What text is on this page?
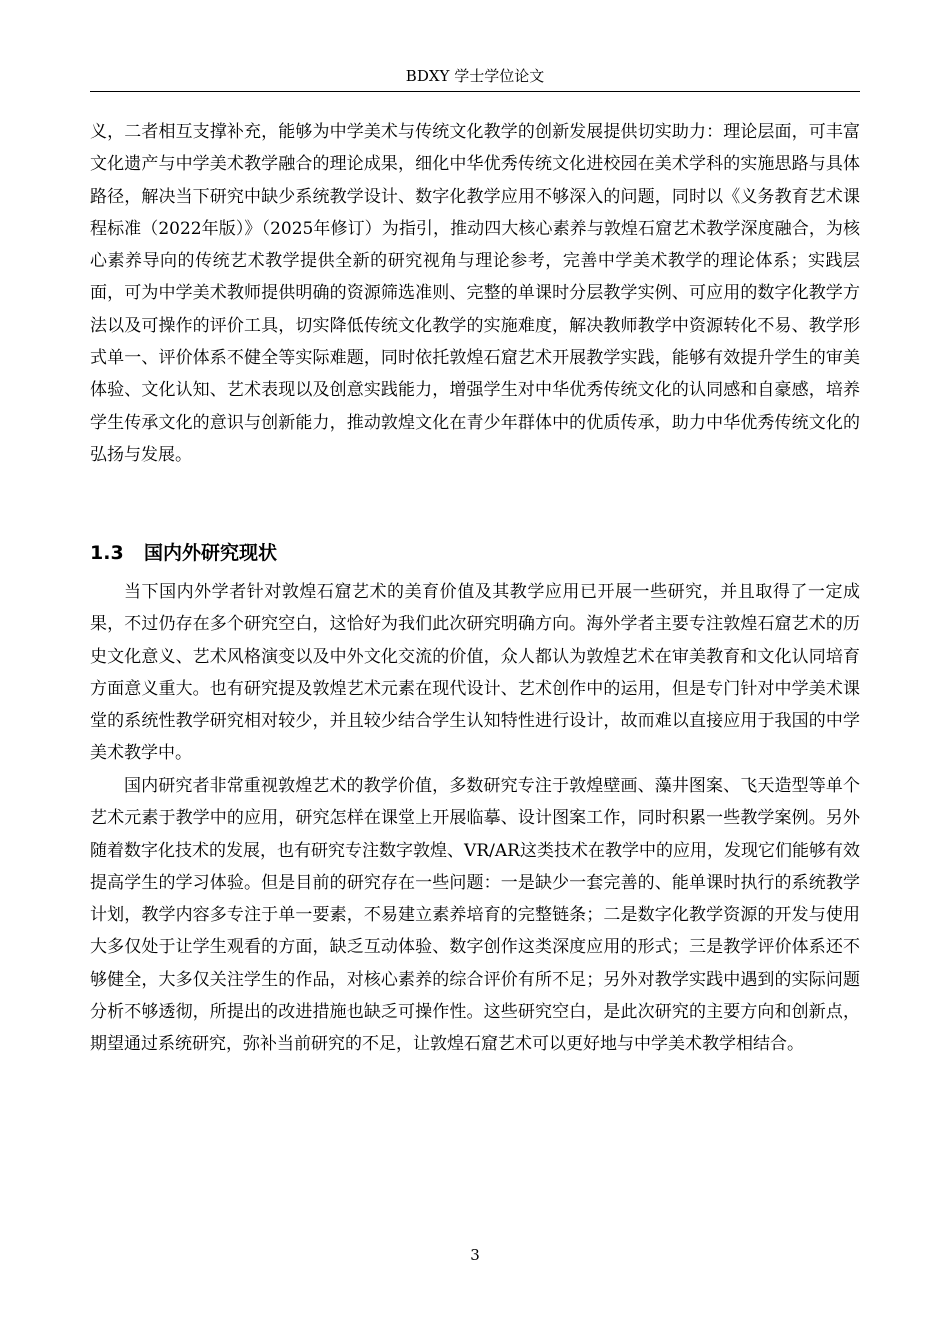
BDXY 学士学位论文

义，二者相互支撑补充，能够为中学美术与传统文化教学的创新发展提供切实助力：理论层面，可丰富文化遗产与中学美术教学融合的理论成果，细化中华优秀传统文化进校园在美术学科的实施思路与具体路径，解决当下研究中缺少系统教学设计、数字化教学应用不够深入的问题，同时以《义务教育艺术课程标准（2022年版）》（2025年修订）为指引，推动四大核心素养与敦煌石窟艺术教学深度融合，为核心素养导向的传统艺术教学提供全新的研究视角与理论参考，完善中学美术教学的理论体系；实践层面，可为中学美术教师提供明确的资源筛选准则、完整的单课时分层教学实例、可应用的数字化教学方法以及可操作的评价工具，切实降低传统文化教学的实施难度，解决教师教学中资源转化不易、教学形式单一、评价体系不健全等实际难题，同时依托敦煌石窟艺术开展教学实践，能够有效提升学生的审美体验、文化认知、艺术表现以及创意实践能力，增强学生对中华优秀传统文化的认同感和自豪感，培养学生传承文化的意识与创新能力，推动敦煌文化在青少年群体中的优质传承，助力中华优秀传统文化的弘扬与发展。

1.3 国内外研究现状

当下国内外学者针对敦煌石窟艺术的美育价值及其教学应用已开展一些研究，并且取得了一定成果，不过仍存在多个研究空白，这恰好为我们此次研究明确方向。海外学者主要专注敦煌石窟艺术的历史文化意义、艺术风格演变以及中外文化交流的价值，众人都认为敦煌艺术在审美教育和文化认同培育方面意义重大。也有研究提及敦煌艺术元素在现代设计、艺术创作中的运用，但是专门针对中学美术课堂的系统性教学研究相对较少，并且较少结合学生认知特性进行设计，故而难以直接应用于我国的中学美术教学中。

国内研究者非常重视敦煌艺术的教学价值，多数研究专注于敦煌壁画、藻井图案、飞天造型等单个艺术元素于教学中的应用，研究怎样在课堂上开展临摹、设计图案工作，同时积累一些教学案例。另外随着数字化技术的发展，也有研究专注数字敦煌、VR/AR这类技术在教学中的应用，发现它们能够有效提高学生的学习体验。但是目前的研究存在一些问题：一是缺少一套完善的、能单课时执行的系统教学计划，教学内容多专注于单一要素，不易建立素养培育的完整链条；二是数字化教学资源的开发与使用大多仅处于让学生观看的方面，缺乏互动体验、数字创作这类深度应用的形式；三是教学评价体系还不够健全，大多仅关注学生的作品，对核心素养的综合评价有所不足；另外对教学实践中遇到的实际问题分析不够透彻，所提出的改进措施也缺乏可操作性。这些研究空白，是此次研究的主要方向和创新点，期望通过系统研究，弥补当前研究的不足，让敦煌石窟艺术可以更好地与中学美术教学相结合。

3
